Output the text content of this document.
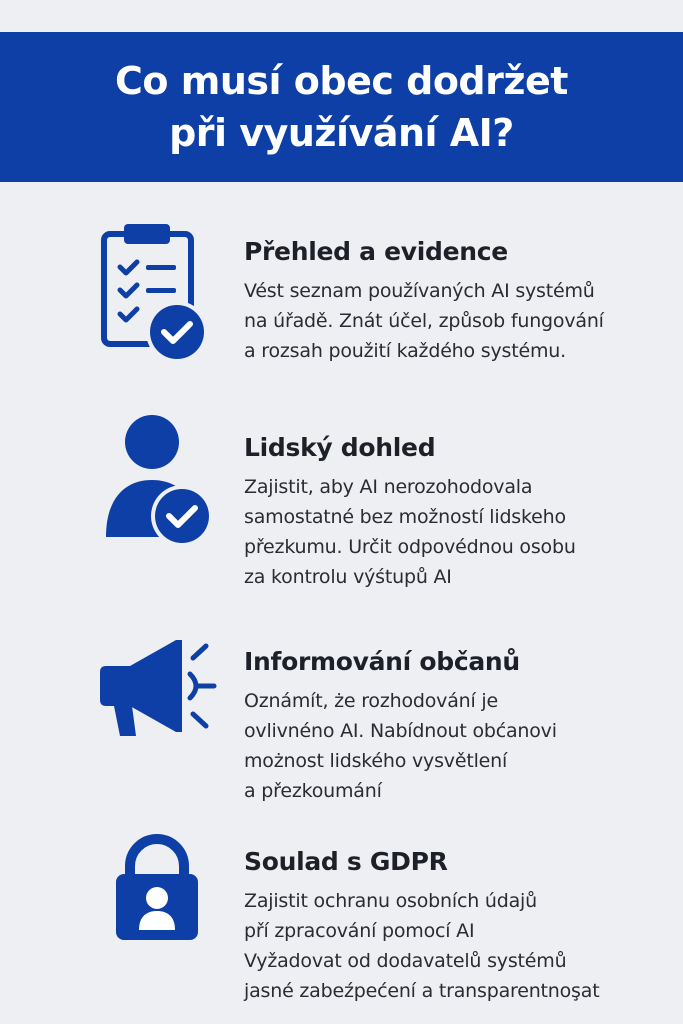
Co musí obec dodržet
při využívání AI?
Přehled a evidence
Vést seznam používaných AI systémů
na úřadě. Znát účel, způsob fungování
a rozsah použití každého systému.
Lidský dohled
Zajistit, aby AI nerozohodovala
samostatné bez možností lidskeho
přezkumu. Určit odpovédnou osobu
za kontrolu výśtupů AI
Informování občanů
Oznámít, że rozhodování je
ovlivnéno AI. Nabídnout obćanovi
możnost lidského vysvětlení
a přezkoumání
Soulad s GDPR
Zajistit ochranu osobních údajů
pří zpracování pomocí AI
Vyžadovat od dodavatelů systémů
jasné zabeźpećení a transparentnoşat
